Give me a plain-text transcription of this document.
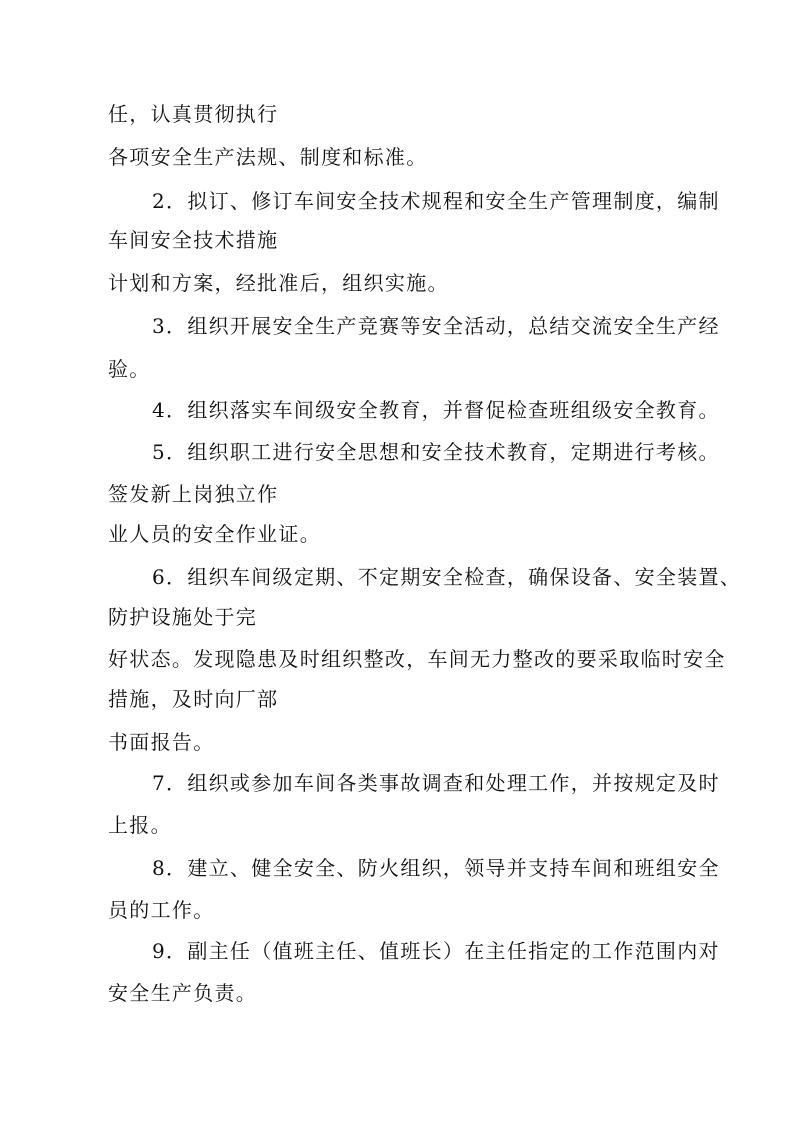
任，认真贯彻执行
各项安全生产法规、制度和标准。
2．拟订、修订车间安全技术规程和安全生产管理制度，编制
车间安全技术措施
计划和方案，经批准后，组织实施。
3．组织开展安全生产竞赛等安全活动，总结交流安全生产经
验。
4．组织落实车间级安全教育，并督促检查班组级安全教育。
5．组织职工进行安全思想和安全技术教育，定期进行考核。
签发新上岗独立作
业人员的安全作业证。
6．组织车间级定期、不定期安全检查，确保设备、安全装置、
防护设施处于完
好状态。发现隐患及时组织整改，车间无力整改的要采取临时安全
措施，及时向厂部
书面报告。
7．组织或参加车间各类事故调查和处理工作，并按规定及时
上报。
8．建立、健全安全、防火组织，领导并支持车间和班组安全
员的工作。
9．副主任（值班主任、值班长）在主任指定的工作范围内对
安全生产负责。
